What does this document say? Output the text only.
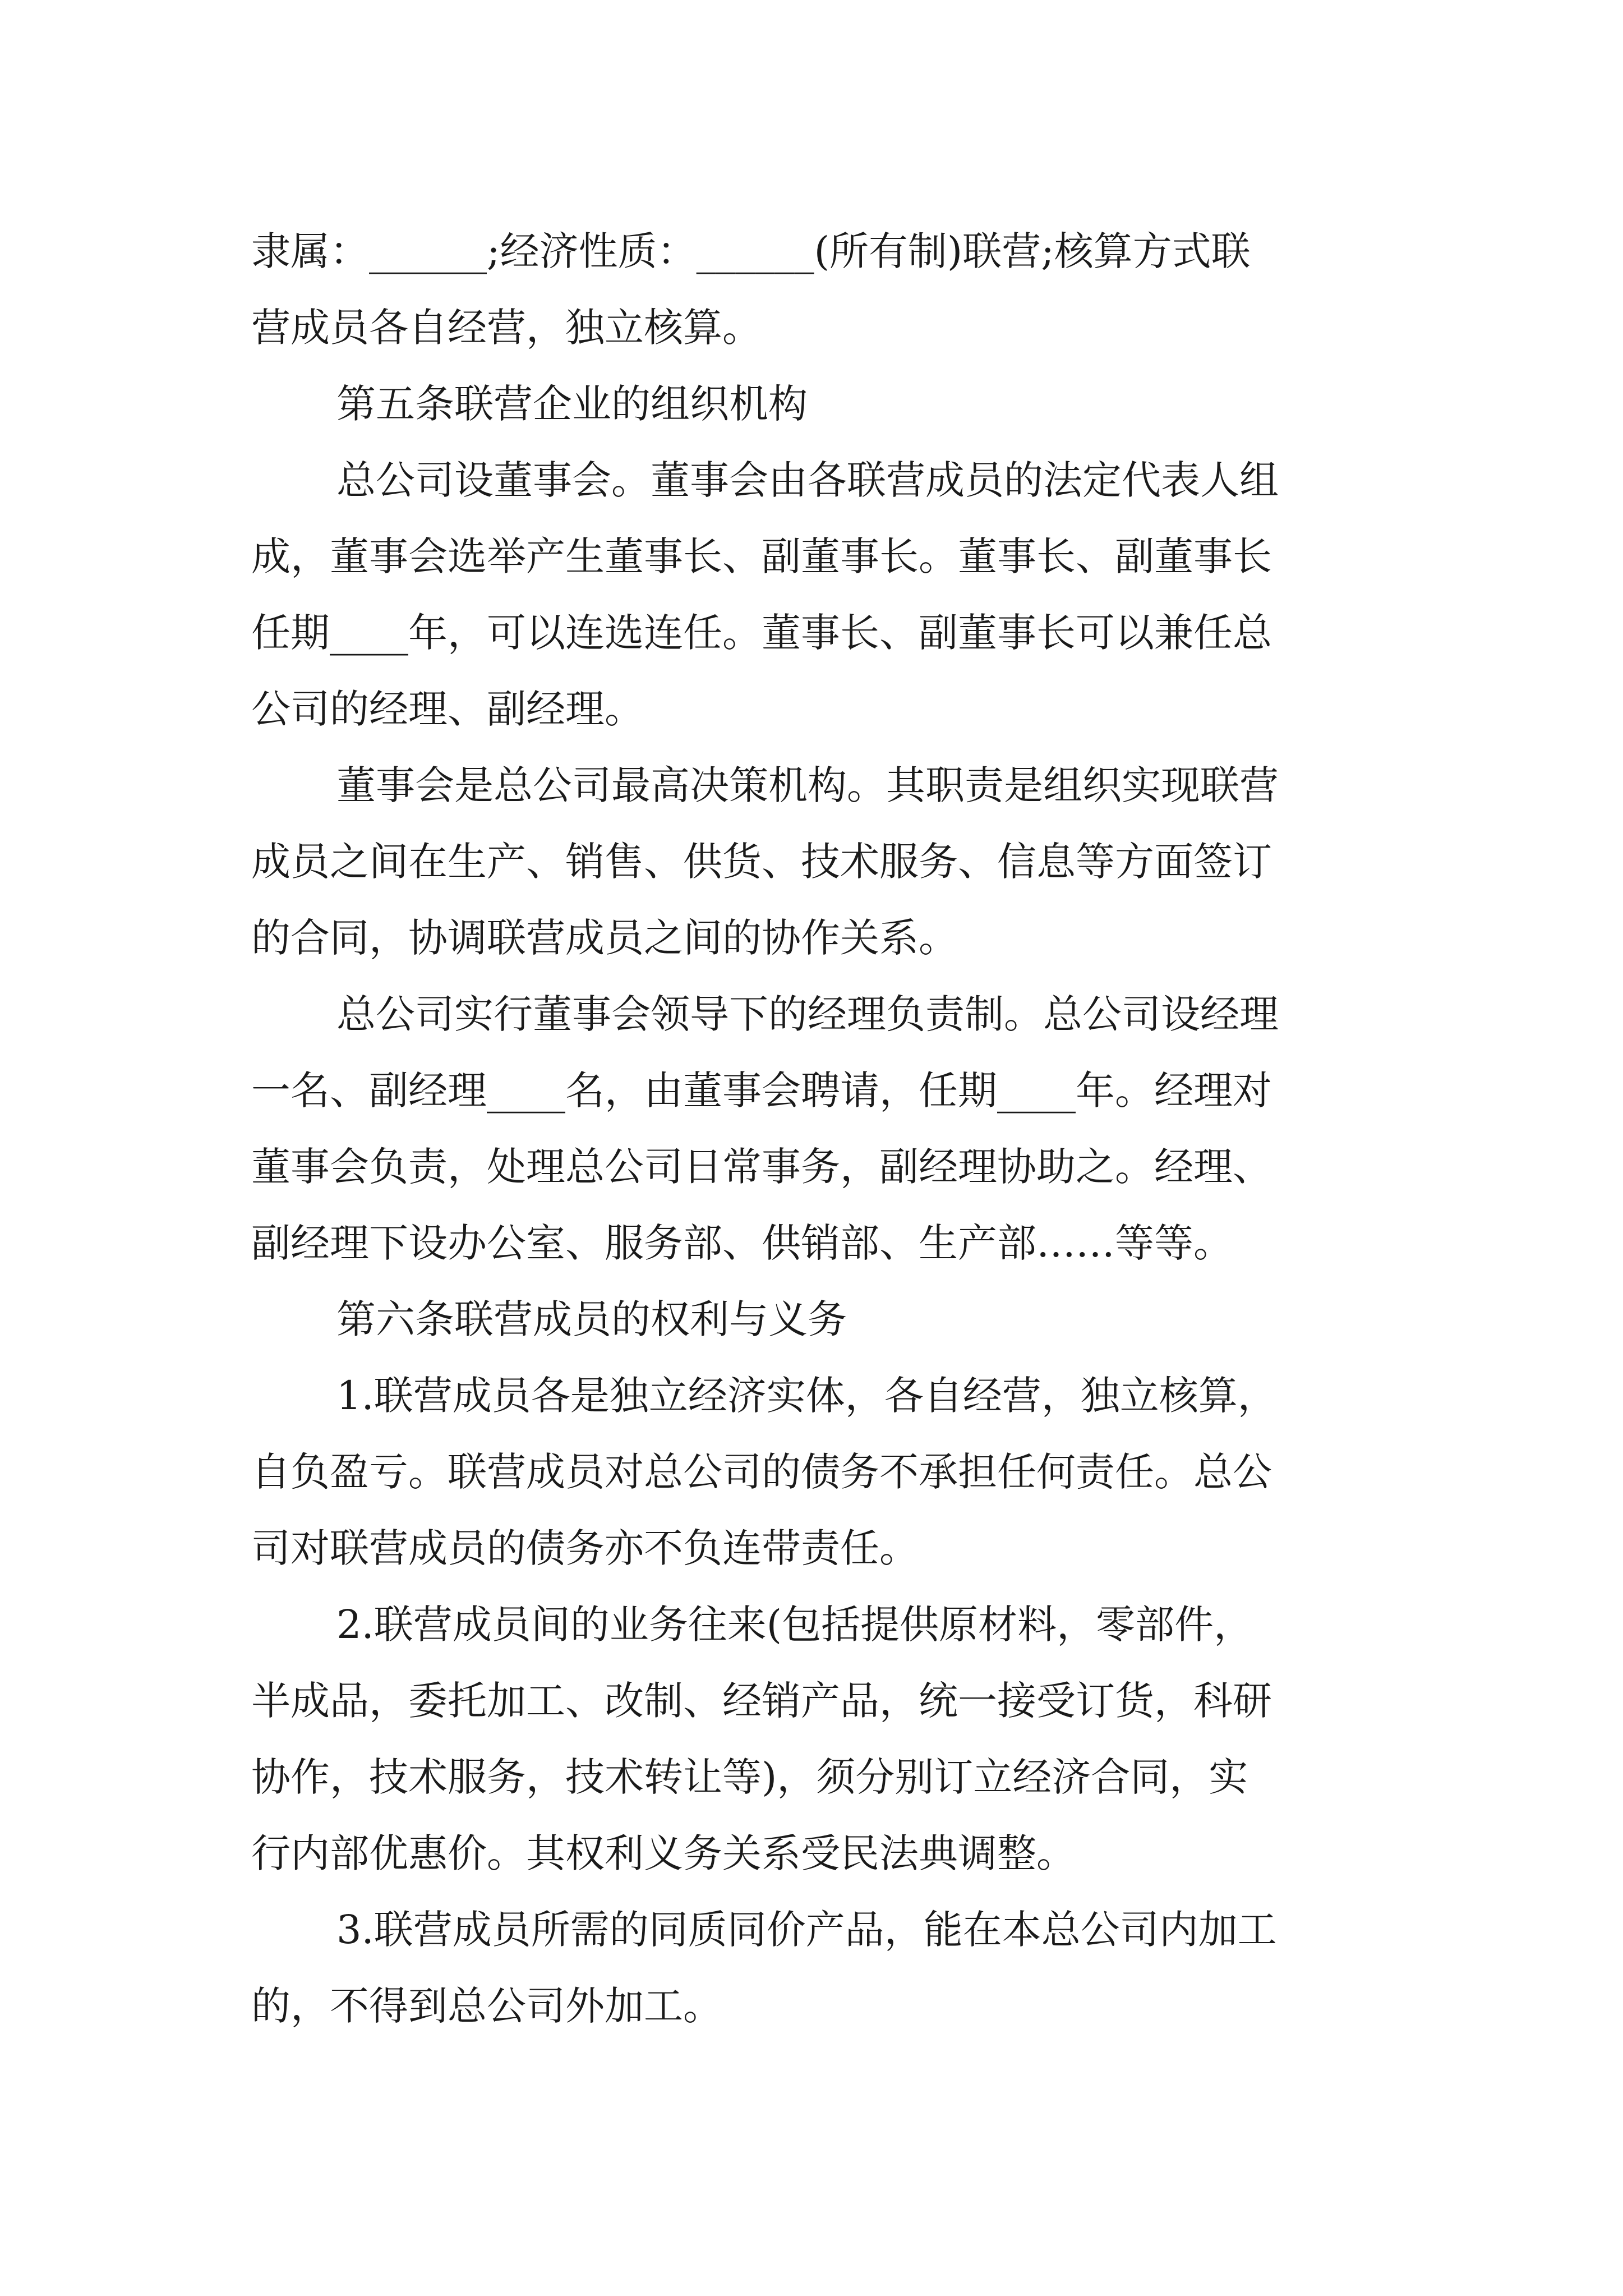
隶属：______;经济性质：______(所有制)联营;核算方式联
营成员各自经营，独立核算。
第五条联营企业的组织机构
总公司设董事会。董事会由各联营成员的法定代表人组
成，董事会选举产生董事长、副董事长。董事长、副董事长
任期____年，可以连选连任。董事长、副董事长可以兼任总
公司的经理、副经理。
董事会是总公司最高决策机构。其职责是组织实现联营
成员之间在生产、销售、供货、技术服务、信息等方面签订
的合同，协调联营成员之间的协作关系。
总公司实行董事会领导下的经理负责制。总公司设经理
一名、副经理____名，由董事会聘请，任期____年。经理对
董事会负责，处理总公司日常事务，副经理协助之。经理、
副经理下设办公室、服务部、供销部、生产部……等等。
第六条联营成员的权利与义务
1.联营成员各是独立经济实体，各自经营，独立核算，
自负盈亏。联营成员对总公司的债务不承担任何责任。总公
司对联营成员的债务亦不负连带责任。
2.联营成员间的业务往来(包括提供原材料，零部件，
半成品，委托加工、改制、经销产品，统一接受订货，科研
协作，技术服务，技术转让等)，须分别订立经济合同，实
行内部优惠价。其权利义务关系受民法典调整。
3.联营成员所需的同质同价产品，能在本总公司内加工
的，不得到总公司外加工。
